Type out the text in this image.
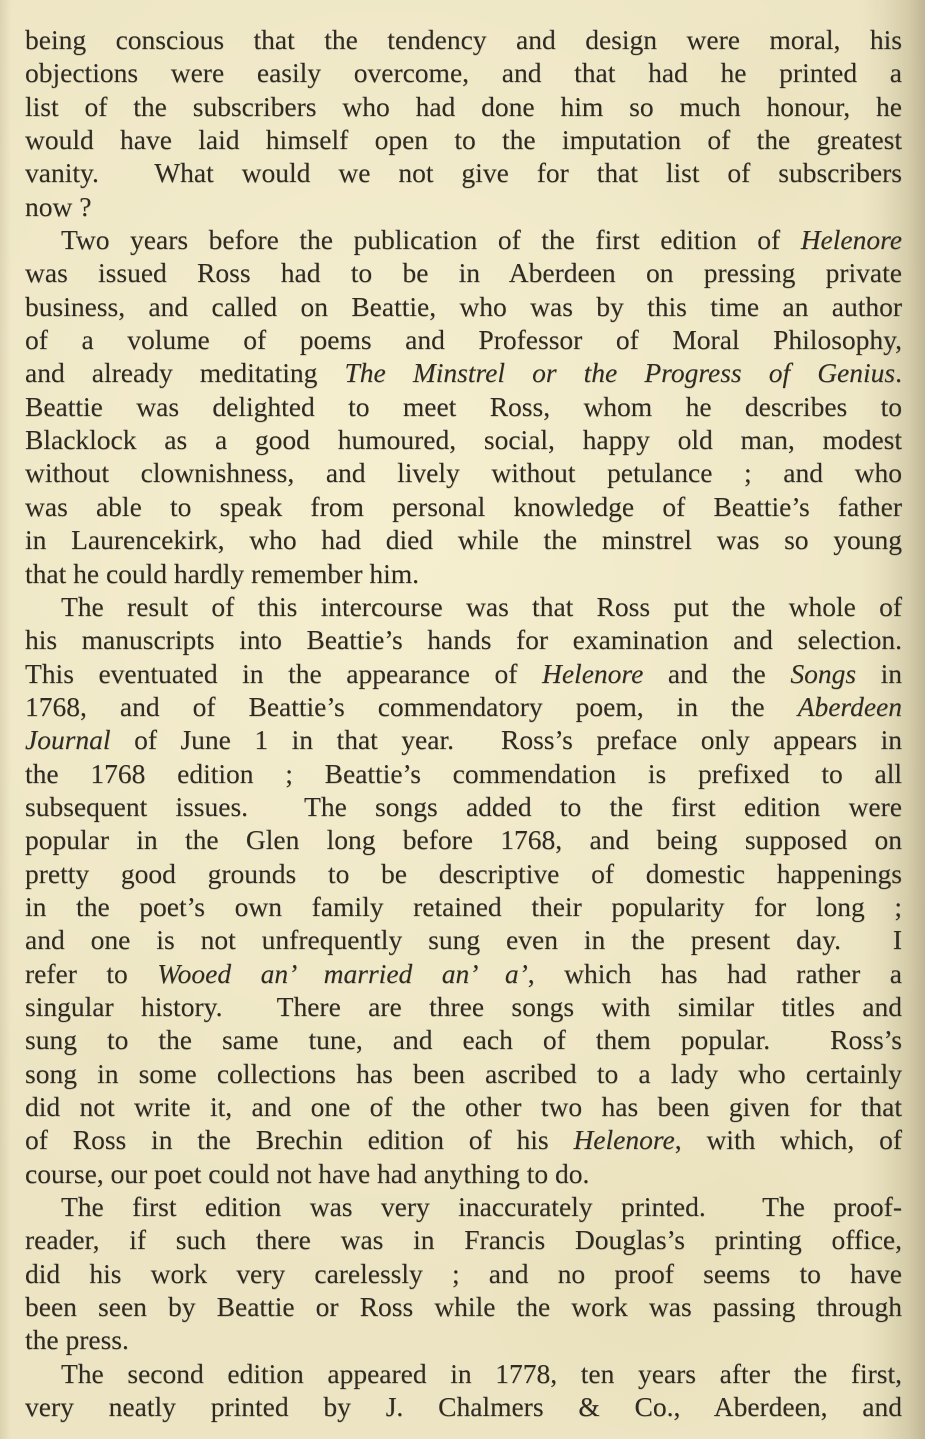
being conscious that the tendency and design were moral, his
objections were easily overcome, and that had he printed a
list of the subscribers who had done him so much honour, he
would have laid himself open to the imputation of the greatest
vanity.  What would we not give for that list of subscribers
now ?
Two years before the publication of the first edition of Helenore
was issued Ross had to be in Aberdeen on pressing private
business, and called on Beattie, who was by this time an author
of a volume of poems and Professor of Moral Philosophy,
and already meditating The Minstrel or the Progress of Genius.
Beattie was delighted to meet Ross, whom he describes to
Blacklock as a good humoured, social, happy old man, modest
without clownishness, and lively without petulance ; and who
was able to speak from personal knowledge of Beattie’s father
in Laurencekirk, who had died while the minstrel was so young
that he could hardly remember him.
The result of this intercourse was that Ross put the whole of
his manuscripts into Beattie’s hands for examination and selection.
This eventuated in the appearance of Helenore and the Songs in
1768, and of Beattie’s commendatory poem, in the Aberdeen
Journal of June 1 in that year.  Ross’s preface only appears in
the 1768 edition ; Beattie’s commendation is prefixed to all
subsequent issues.  The songs added to the first edition were
popular in the Glen long before 1768, and being supposed on
pretty good grounds to be descriptive of domestic happenings
in the poet’s own family retained their popularity for long ;
and one is not unfrequently sung even in the present day.  I
refer to Wooed an’ married an’ a’, which has had rather a
singular history.  There are three songs with similar titles and
sung to the same tune, and each of them popular.  Ross’s
song in some collections has been ascribed to a lady who certainly
did not write it, and one of the other two has been given for that
of Ross in the Brechin edition of his Helenore, with which, of
course, our poet could not have had anything to do.
The first edition was very inaccurately printed.  The proof-
reader, if such there was in Francis Douglas’s printing office,
did his work very carelessly ; and no proof seems to have
been seen by Beattie or Ross while the work was passing through
the press.
The second edition appeared in 1778, ten years after the first,
very neatly printed by J. Chalmers & Co., Aberdeen, and
